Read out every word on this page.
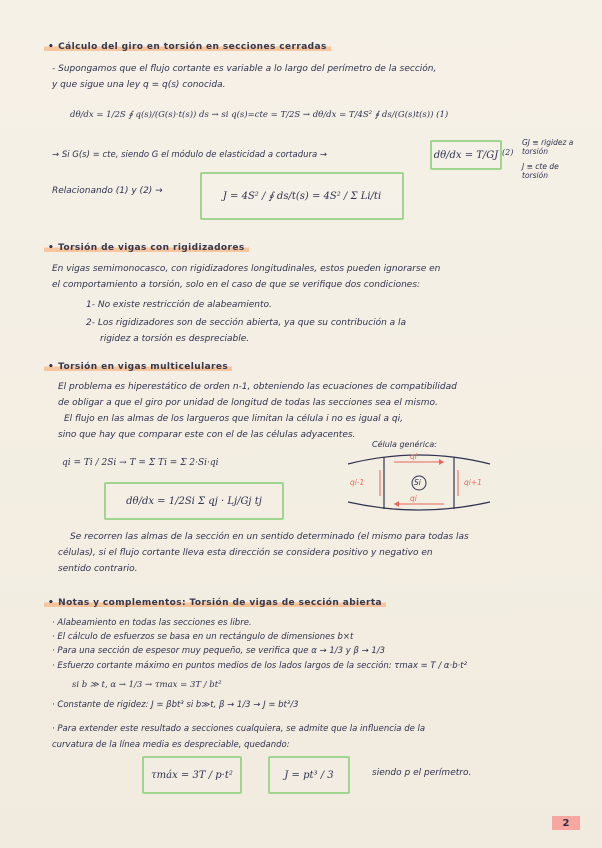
• Cálculo del giro en torsión en secciones cerradas
- Supongamos que el flujo cortante es variable a lo largo del perímetro de la sección,
y que sigue una ley q = q(s) conocida.
dθ/dx = 1/2S ∮ q(s)/(G(s)·t(s)) ds → si q(s)=cte = T/2S → dθ/dx = T/4S² ∮ ds/(G(s)t(s)) (1)
→ Si G(s) = cte, siendo G el módulo de elasticidad a cortadura →	dθ/dx = T/GJ (2)
GJ ≡ rigidez a torsión
J ≡ cte de torsión
Relacionando (1) y (2) →	J = 4S² / ∮ ds/t(s) = 4S² / Σ Li/ti
• Torsión de vigas con rigidizadores
En vigas semimonocasco, con rigidizadores longitudinales, estos pueden ignorarse en
el comportamiento a torsión, solo en el caso de que se verifique dos condiciones:
1- No existe restricción de alabeamiento.
2- Los rigidizadores son de sección abierta, ya que su contribución a la
rigidez a torsión es despreciable.
• Torsión en vigas multicelulares
El problema es hiperestático de orden n-1, obteniendo las ecuaciones de compatibilidad
de obligar a que el giro por unidad de longitud de todas las secciones sea el mismo.
El flujo en las almas de los largueros que limitan la célula i no es igual a qi,
sino que hay que comparar este con el de las células adyacentes.
Célula genérica:
qi = Ti / 2Si → T = Σ Ti = Σ 2·Si·qi
dθ/dx = 1/2Si Σ qj · Lj/Gj tj
qi
qi-1	Si	qi+1
qi
Se recorren las almas de la sección en un sentido determinado (el mismo para todas las
células), si el flujo cortante lleva esta dirección se considera positivo y negativo en
sentido contrario.
• Notas y complementos: Torsión de vigas de sección abierta
· Alabeamiento en todas las secciones es libre.
· El cálculo de esfuerzos se basa en un rectángulo de dimensiones b×t
· Para una sección de espesor muy pequeño, se verifica que α → 1/3 y β → 1/3
· Esfuerzo cortante máximo en puntos medios de los lados largos de la sección: τmax = T / α·b·t²
si b ≫ t, α → 1/3 → τmax = 3T / bt²
· Constante de rigidez: J = βbt³ si b≫t, β → 1/3 → J = bt³/3
· Para extender este resultado a secciones cualquiera, se admite que la influencia de la
curvatura de la línea media es despreciable, quedando:
τmáx = 3T / p·t²	J = pt³ / 3	siendo p el perímetro.
2
